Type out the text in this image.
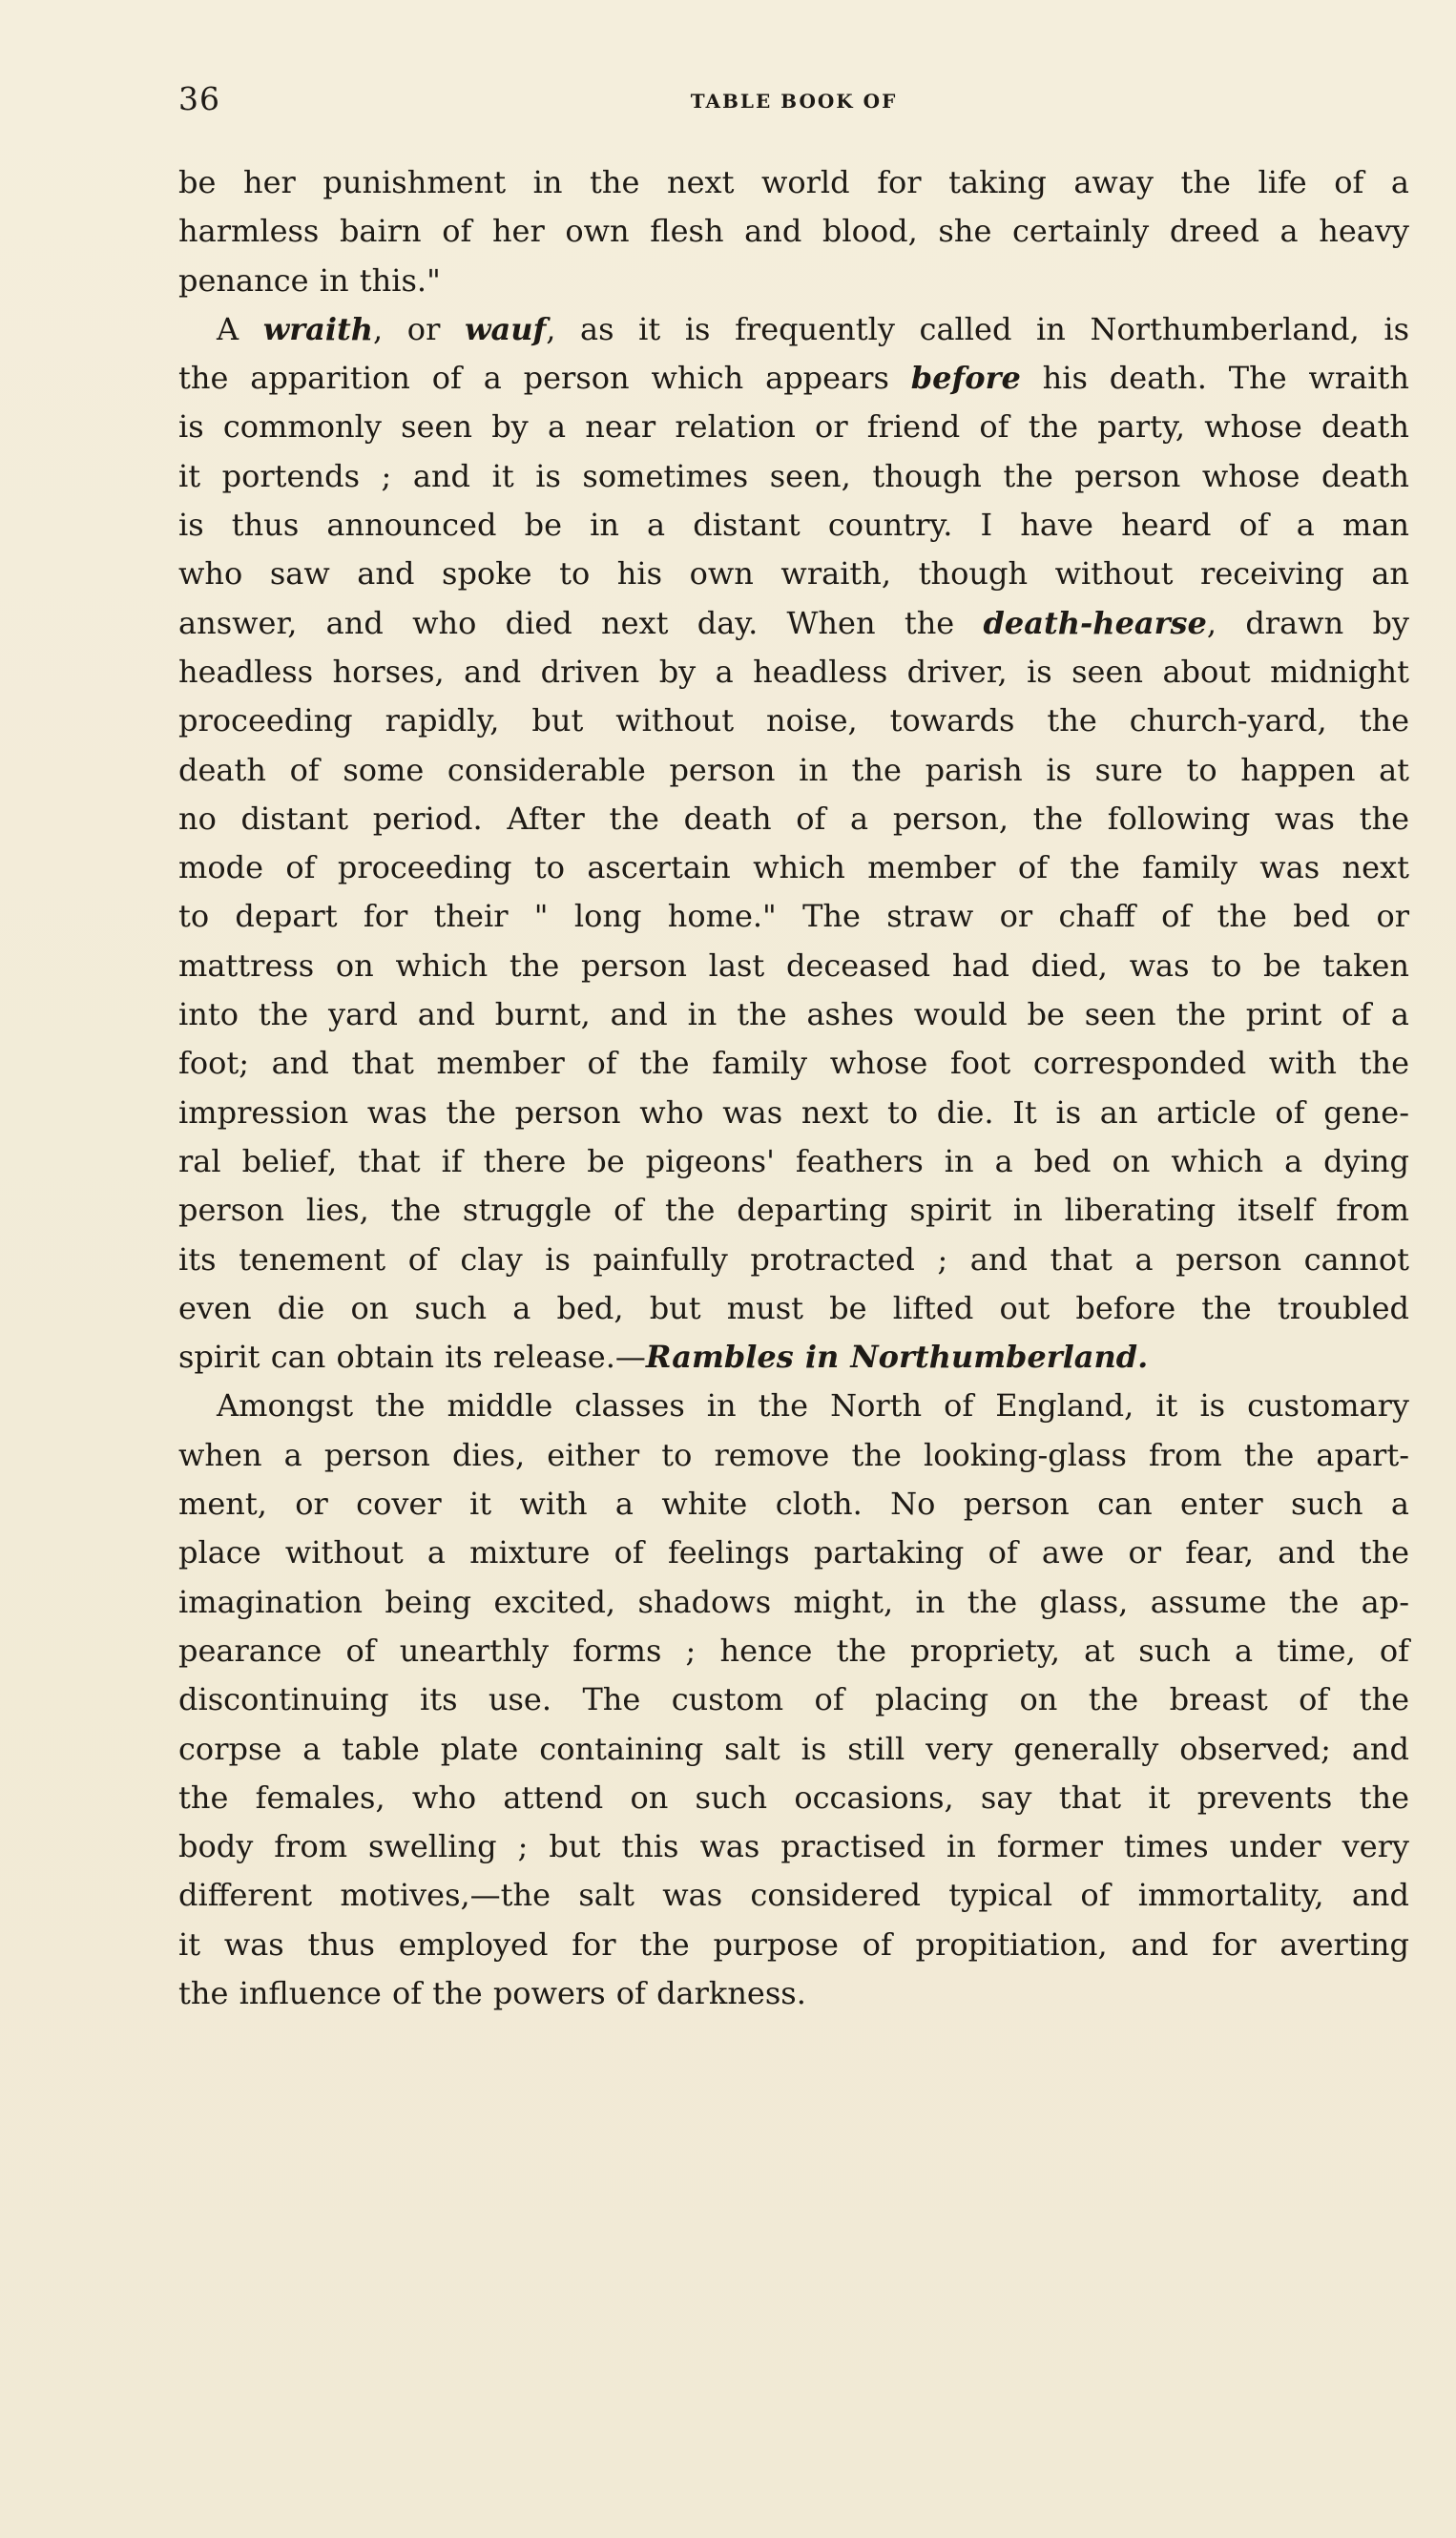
36	TABLE BOOK OF
be her punishment in the next world for taking away the life of a
harmless bairn of her own flesh and blood, she certainly dreed a heavy
penance in this."
A wraith, or wauf, as it is frequently called in Northumberland, is
the apparition of a person which appears before his death. The wraith
is commonly seen by a near relation or friend of the party, whose death
it portends ; and it is sometimes seen, though the person whose death
is thus announced be in a distant country. I have heard of a man
who saw and spoke to his own wraith, though without receiving an
answer, and who died next day. When the death-hearse, drawn by
headless horses, and driven by a headless driver, is seen about midnight
proceeding rapidly, but without noise, towards the church-yard, the
death of some considerable person in the parish is sure to happen at
no distant period. After the death of a person, the following was the
mode of proceeding to ascertain which member of the family was next
to depart for their " long home." The straw or chaff of the bed or
mattress on which the person last deceased had died, was to be taken
into the yard and burnt, and in the ashes would be seen the print of a
foot; and that member of the family whose foot corresponded with the
impression was the person who was next to die. It is an article of gene-
ral belief, that if there be pigeons' feathers in a bed on which a dying
person lies, the struggle of the departing spirit in liberating itself from
its tenement of clay is painfully protracted ; and that a person cannot
even die on such a bed, but must be lifted out before the troubled
spirit can obtain its release.—Rambles in Northumberland.
Amongst the middle classes in the North of England, it is customary
when a person dies, either to remove the looking-glass from the apart-
ment, or cover it with a white cloth. No person can enter such a
place without a mixture of feelings partaking of awe or fear, and the
imagination being excited, shadows might, in the glass, assume the ap-
pearance of unearthly forms ; hence the propriety, at such a time, of
discontinuing its use. The custom of placing on the breast of the
corpse a table plate containing salt is still very generally observed; and
the females, who attend on such occasions, say that it prevents the
body from swelling ; but this was practised in former times under very
different motives,—the salt was considered typical of immortality, and
it was thus employed for the purpose of propitiation, and for averting
the influence of the powers of darkness.
